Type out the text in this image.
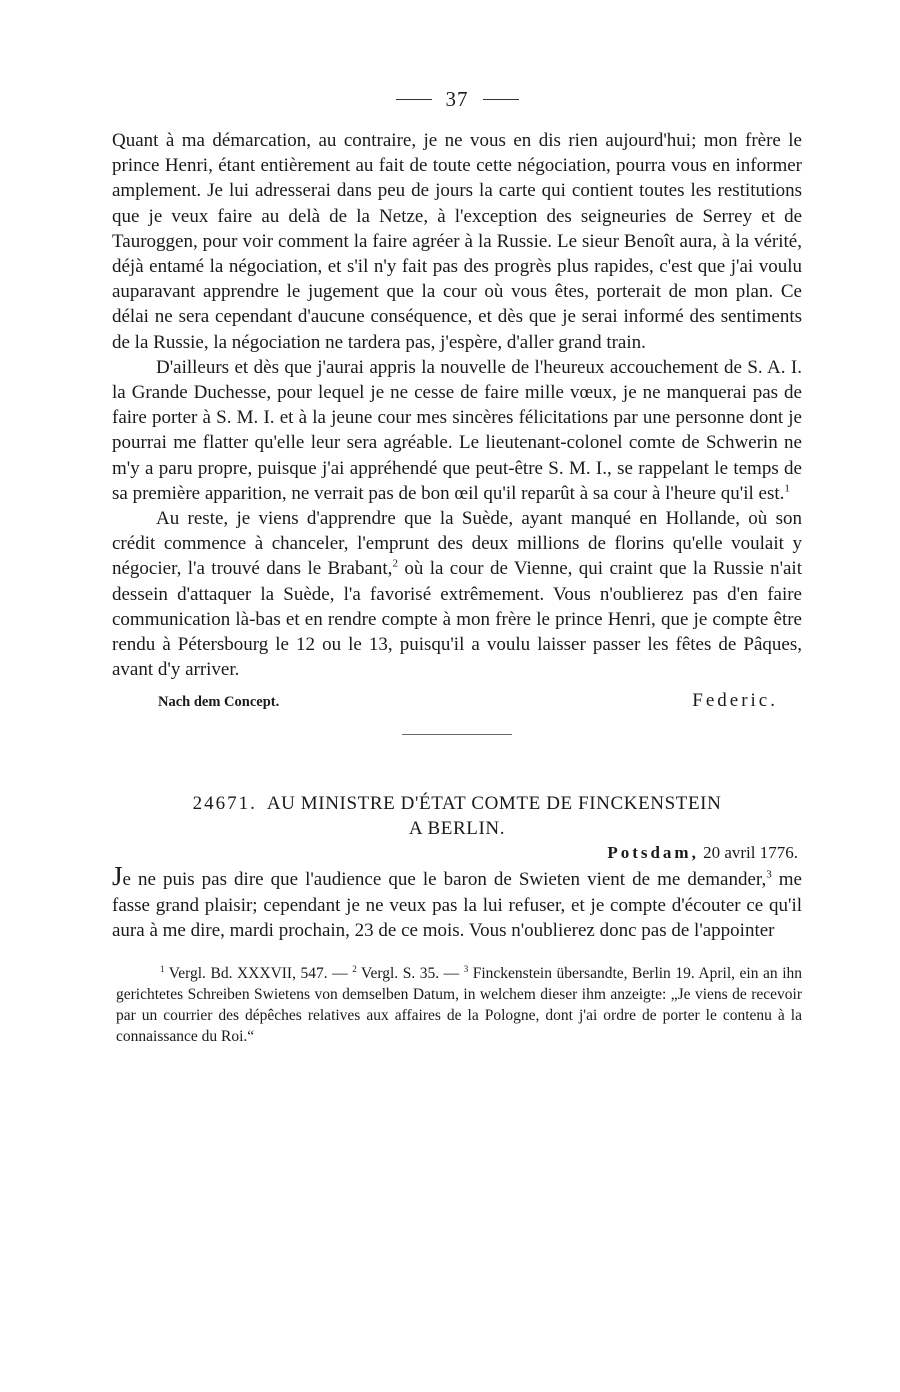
37

Quant à ma démarcation, au contraire, je ne vous en dis rien aujourd'hui; mon frère le prince Henri, étant entièrement au fait de toute cette négociation, pourra vous en informer amplement. Je lui adresserai dans peu de jours la carte qui contient toutes les restitutions que je veux faire au delà de la Netze, à l'exception des seigneuries de Serrey et de Tauroggen, pour voir comment la faire agréer à la Russie. Le sieur Benoît aura, à la vérité, déjà entamé la négociation, et s'il n'y fait pas des progrès plus rapides, c'est que j'ai voulu auparavant apprendre le jugement que la cour où vous êtes, porterait de mon plan. Ce délai ne sera cependant d'aucune conséquence, et dès que je serai informé des sentiments de la Russie, la négociation ne tardera pas, j'espère, d'aller grand train.

D'ailleurs et dès que j'aurai appris la nouvelle de l'heureux accouchement de S. A. I. la Grande Duchesse, pour lequel je ne cesse de faire mille vœux, je ne manquerai pas de faire porter à S. M. I. et à la jeune cour mes sincères félicitations par une personne dont je pourrai me flatter qu'elle leur sera agréable. Le lieutenant-colonel comte de Schwerin ne m'y a paru propre, puisque j'ai appréhendé que peut-être S. M. I., se rappelant le temps de sa première apparition, ne verrait pas de bon œil qu'il reparût à sa cour à l'heure qu'il est.$^1$

Au reste, je viens d'apprendre que la Suède, ayant manqué en Hollande, où son crédit commence à chanceler, l'emprunt des deux millions de florins qu'elle voulait y négocier, l'a trouvé dans le Brabant,$^2$ où la cour de Vienne, qui craint que la Russie n'ait dessein d'attaquer la Suède, l'a favorisé extrêmement. Vous n'oublierez pas d'en faire communication là-bas et en rendre compte à mon frère le prince Henri, que je compte être rendu à Pétersbourg le 12 ou le 13, puisqu'il a voulu laisser passer les fêtes de Pâques, avant d'y arriver.

Nach dem Concept.	Federic.
24671. AU MINISTRE D'ÉTAT COMTE DE FINCKENSTEIN
A BERLIN.
Potsdam, 20 avril 1776.

Je ne puis pas dire que l'audience que le baron de Swieten vient de me demander,$^3$ me fasse grand plaisir; cependant je ne veux pas la lui refuser, et je compte d'écouter ce qu'il aura à me dire, mardi prochain, 23 de ce mois. Vous n'oublierez donc pas de l'appointer

$^1$ Vergl. Bd. XXXVII, 547. — $^2$ Vergl. S. 35. — $^3$ Finckenstein übersandte, Berlin 19. April, ein an ihn gerichtetes Schreiben Swietens von demselben Datum, in welchem dieser ihm anzeigte: „Je viens de recevoir par un courrier des dépêches relatives aux affaires de la Pologne, dont j'ai ordre de porter le contenu à la connaissance du Roi.“
